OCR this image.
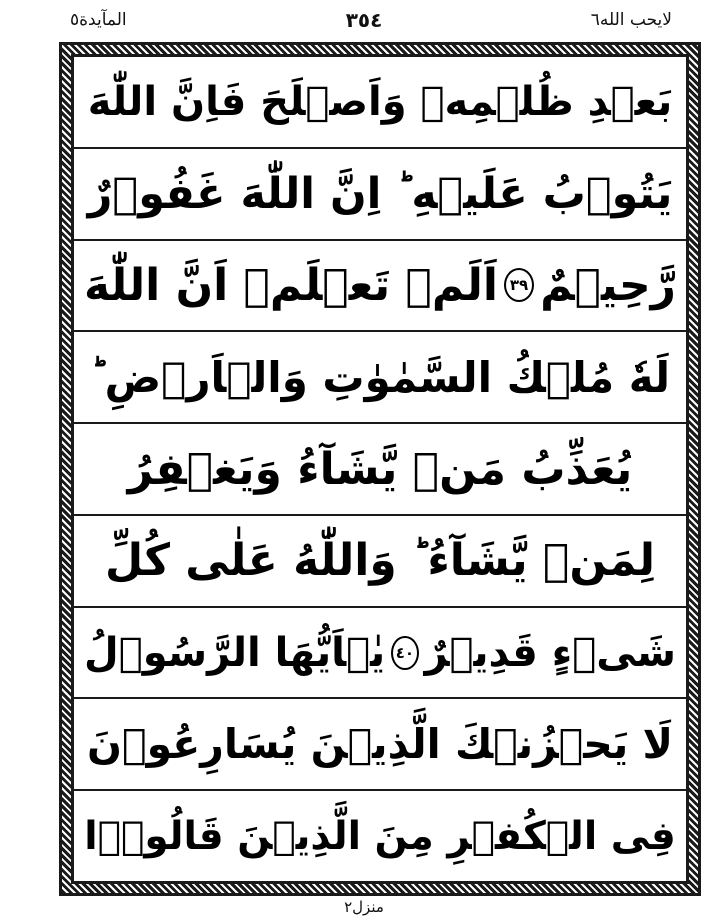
المآيدة٥	٣٥٤	لايحب الله٦
بَعۡدِ ظُلۡمِهٖ وَاَصۡلَحَ فَاِنَّ اللّٰهَ
يَتُوۡبُ عَلَيۡهِ ؕ اِنَّ اللّٰهَ غَفُوۡرٌ
رَّحِيۡمٌ
٣٩
اَلَمۡ تَعۡلَمۡ اَنَّ اللّٰهَ
لَهٗ مُلۡكُ السَّمٰوٰتِ وَالۡاَرۡضِ ؕ
يُعَذِّبُ مَنۡ يَّشَآءُ وَيَغۡفِرُ
لِمَنۡ يَّشَآءُ ؕ وَاللّٰهُ عَلٰى كُلِّ
شَىۡءٍ قَدِيۡرٌ
٤٠
يٰۤاَيُّهَا الرَّسُوۡلُ
لَا يَحۡزُنۡكَ الَّذِيۡنَ يُسَارِعُوۡنَ
فِى الۡكُفۡرِ مِنَ الَّذِيۡنَ قَالُوۡۤا
منزل٢
